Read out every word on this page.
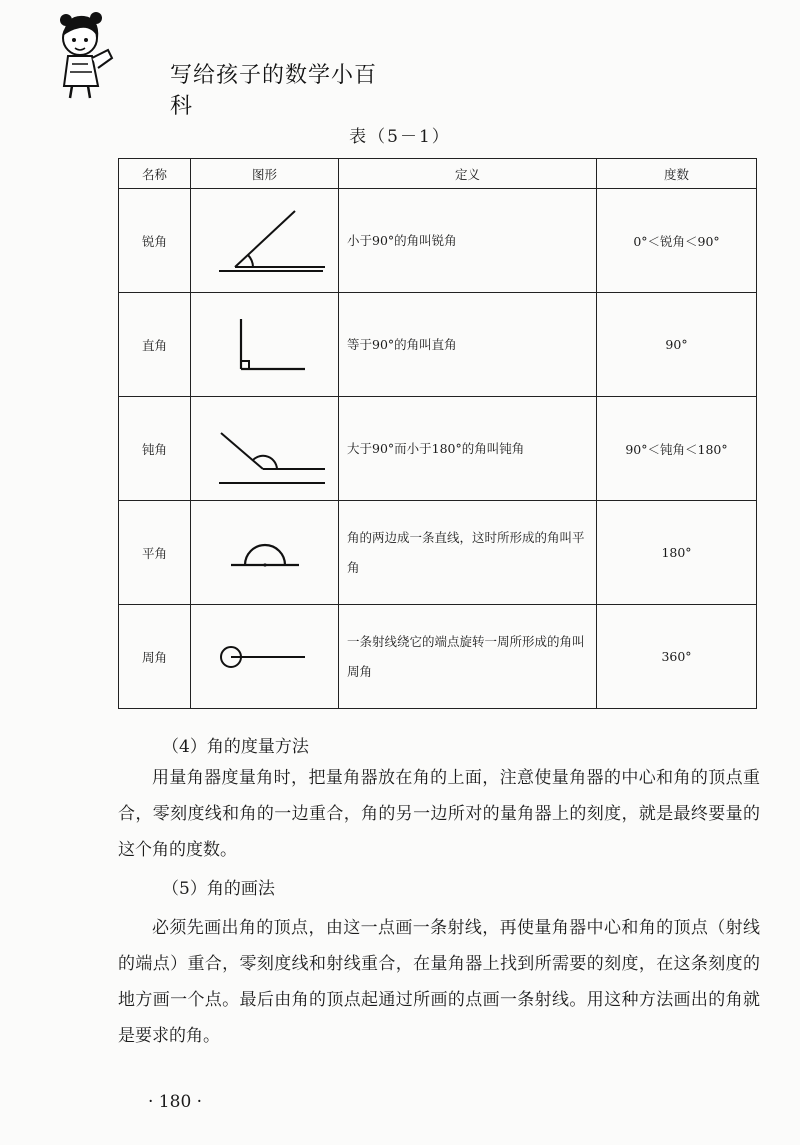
写给孩子的数学小百科

表（5－1）

名称	图形	定义	度数
锐角		小于90°的角叫锐角	0°＜锐角＜90°
直角		等于90°的角叫直角	90°
钝角		大于90°而小于180°的角叫钝角	90°＜钝角＜180°
平角		角的两边成一条直线，这时所形成的角叫平角	180°
周角		一条射线绕它的端点旋转一周所形成的角叫周角	360°

（4）角的度量方法

用量角器度量角时，把量角器放在角的上面，注意使量角器的中心和角的顶点重合，零刻度线和角的一边重合，角的另一边所对的量角器上的刻度，就是最终要量的这个角的度数。

（5）角的画法

必须先画出角的顶点，由这一点画一条射线，再使量角器中心和角的顶点（射线的端点）重合，零刻度线和射线重合，在量角器上找到所需要的刻度，在这条刻度的地方画一个点。最后由角的顶点起通过所画的点画一条射线。用这种方法画出的角就是要求的角。

· 180 ·
